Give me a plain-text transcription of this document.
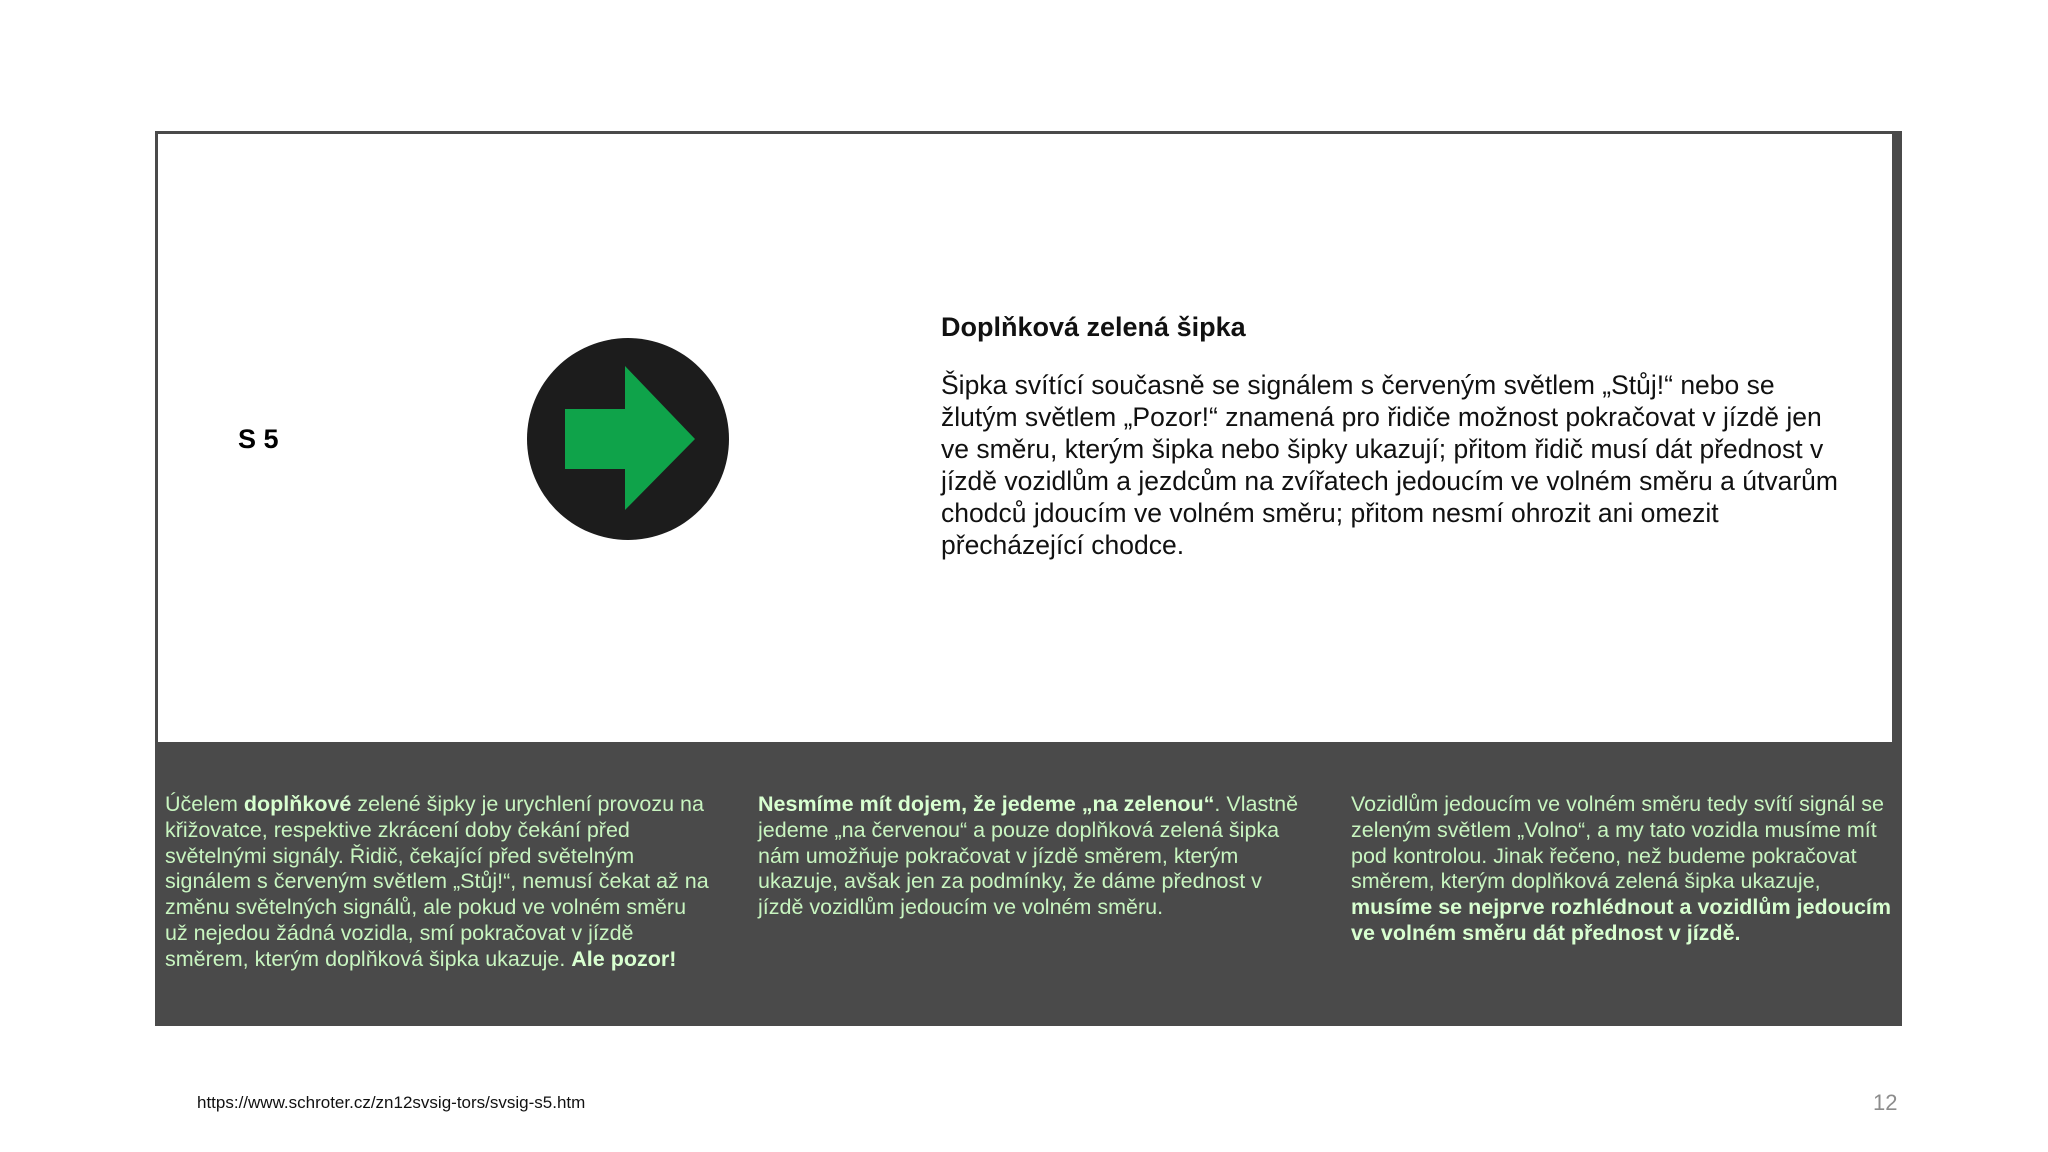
S 5

Doplňková zelená šipka

Šipka svítící současně se signálem s červeným světlem „Stůj!“ nebo se žlutým světlem „Pozor!“ znamená pro řidiče možnost pokračovat v jízdě jen ve směru, kterým šipka nebo šipky ukazují; přitom řidič musí dát přednost v jízdě vozidlům a jezdcům na zvířatech jedoucím ve volném směru a útvarům chodců jdoucím ve volném směru; přitom nesmí ohrozit ani omezit přecházející chodce.

Účelem doplňkové zelené šipky je urychlení provozu na křižovatce, respektive zkrácení doby čekání před světelnými signály. Řidič, čekající před světelným signálem s červeným světlem „Stůj!“, nemusí čekat až na změnu světelných signálů, ale pokud ve volném směru už nejedou žádná vozidla, smí pokračovat v jízdě směrem, kterým doplňková šipka ukazuje. Ale pozor!
Nesmíme mít dojem, že jedeme „na zelenou“. Vlastně jedeme „na červenou“ a pouze doplňková zelená šipka nám umožňuje pokračovat v jízdě směrem, kterým ukazuje, avšak jen za podmínky, že dáme přednost v jízdě vozidlům jedoucím ve volném směru.
Vozidlům jedoucím ve volném směru tedy svítí signál se zeleným světlem „Volno“, a my tato vozidla musíme mít pod kontrolou. Jinak řečeno, než budeme pokračovat směrem, kterým doplňková zelená šipka ukazuje, musíme se nejprve rozhlédnout a vozidlům jedoucím ve volném směru dát přednost v jízdě.
https://www.schroter.cz/zn12svsig-tors/svsig-s5.htm	12
